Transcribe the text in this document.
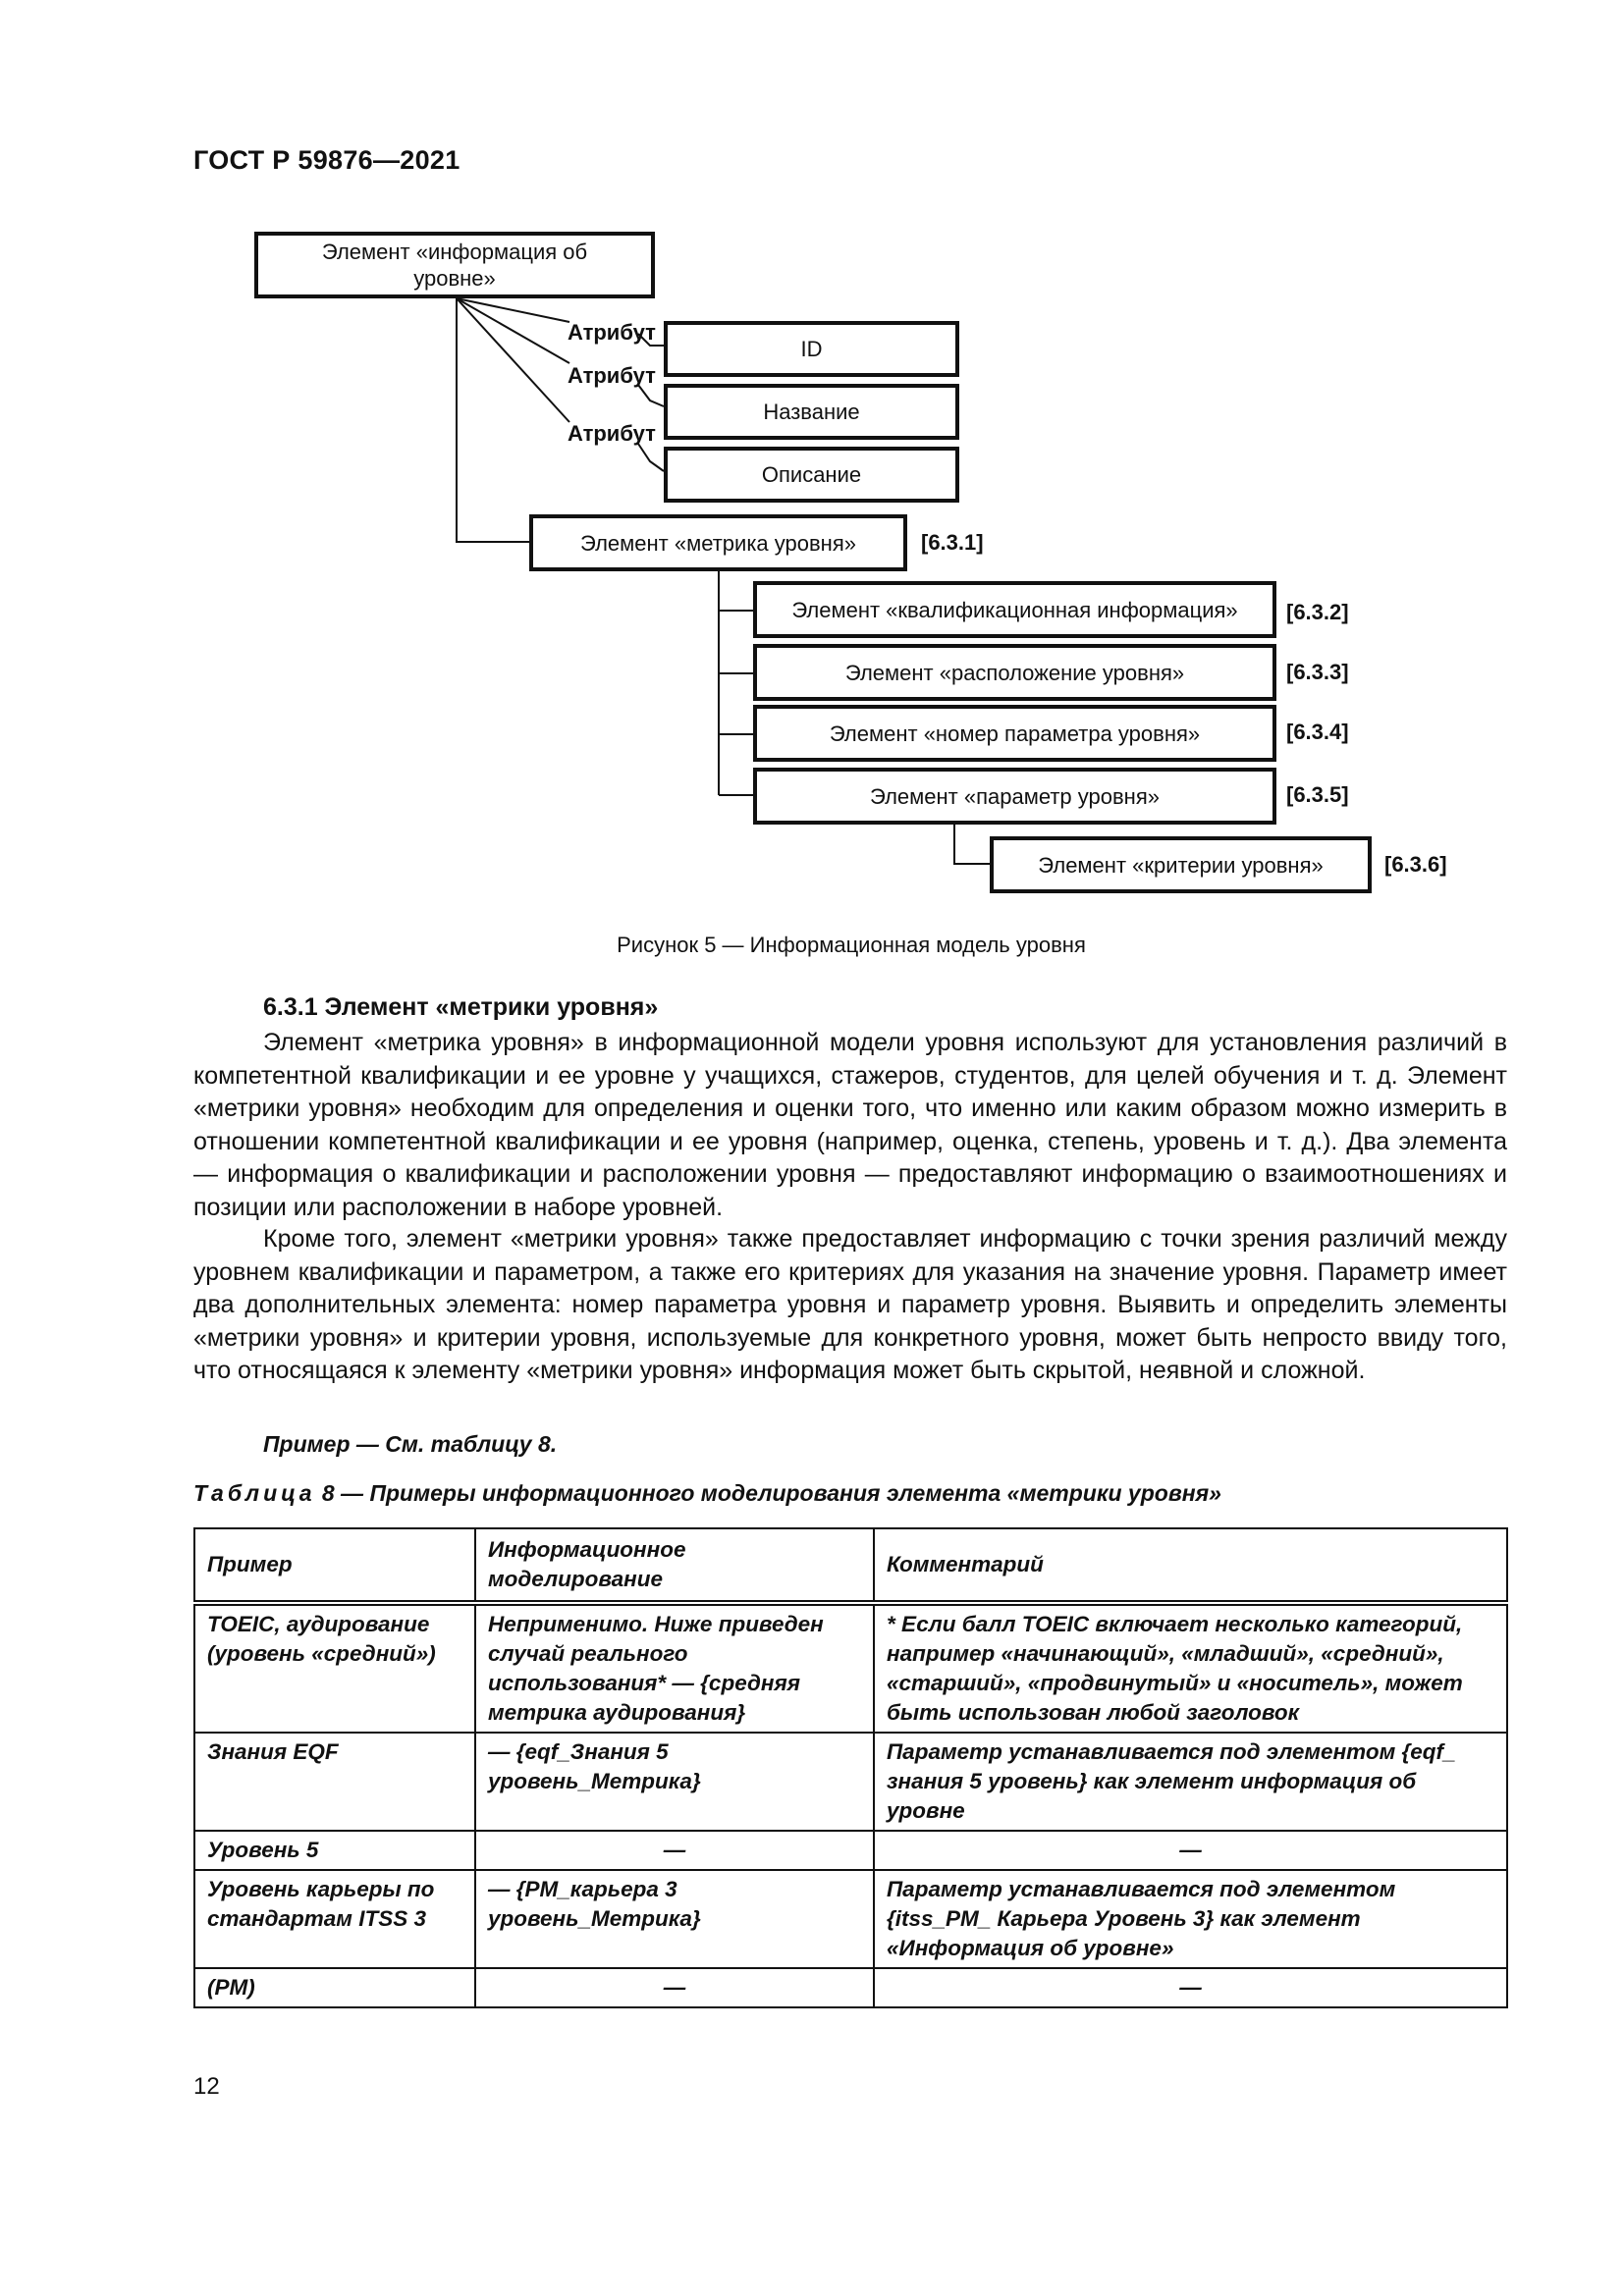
ГОСТ Р 59876—2021
Элемент «информация об уровне»
Атрибут
Атрибут
Атрибут
ID
Название
Описание
Элемент «метрика уровня»	[6.3.1]
Элемент «квалификационная информация» [6.3.2]
Элемент «расположение уровня»	[6.3.3]
Элемент «номер параметра уровня»	[6.3.4]
Элемент «параметр уровня»	[6.3.5]
Элемент «критерии уровня»	[6.3.6]
Рисунок 5 — Информационная модель уровня
6.3.1 Элемент «метрики уровня»

Элемент «метрика уровня» в информационной модели уровня используют для установления различий в компетентной квалификации и ее уровне у учащихся, стажеров, студентов, для целей обучения и т. д. Элемент «метрики уровня» необходим для определения и оценки того, что именно или каким образом можно измерить в отношении компетентной квалификации и ее уровня (например, оценка, степень, уровень и т. д.). Два элемента — информация о квалификации и расположении уровня — предоставляют информацию о взаимоотношениях и позиции или расположении в наборе уровней.

Кроме того, элемент «метрики уровня» также предоставляет информацию с точки зрения различий между уровнем квалификации и параметром, а также его критериях для указания на значение уровня. Параметр имеет два дополнительных элемента: номер параметра уровня и параметр уровня. Выявить и определить элементы «метрики уровня» и критерии уровня, используемые для конкретного уровня, может быть непросто ввиду того, что относящаяся к элементу «метрики уровня» информация может быть скрытой, неявной и сложной.

Пример — См. таблицу 8.
Таблица 8 — Примеры информационного моделирования элемента «метрики уровня»
Пример	Информационное моделирование	Комментарий
TOEIC, аудирование (уровень «средний»)	Неприменимо. Ниже приведен случай реального использования* — {средняя метрика аудирования}	* Если балл TOEIC включает несколько категорий, например «начинающий», «младший», «средний», «старший», «продвинутый» и «носитель», может быть использован любой заголовок
Знания EQF	— {eqf_Знания 5 уровень_Метрика}	Параметр устанавливается под элементом {eqf_ знания 5 уровень} как элемент информация об уровне
Уровень 5	—	—
Уровень карьеры по стандартам ITSS 3	— {PM_карьера 3 уровень_Метрика}	Параметр устанавливается под элементом {itss_PM_ Карьера Уровень 3} как элемент «Информация об уровне»
(PM)	—	—
12
